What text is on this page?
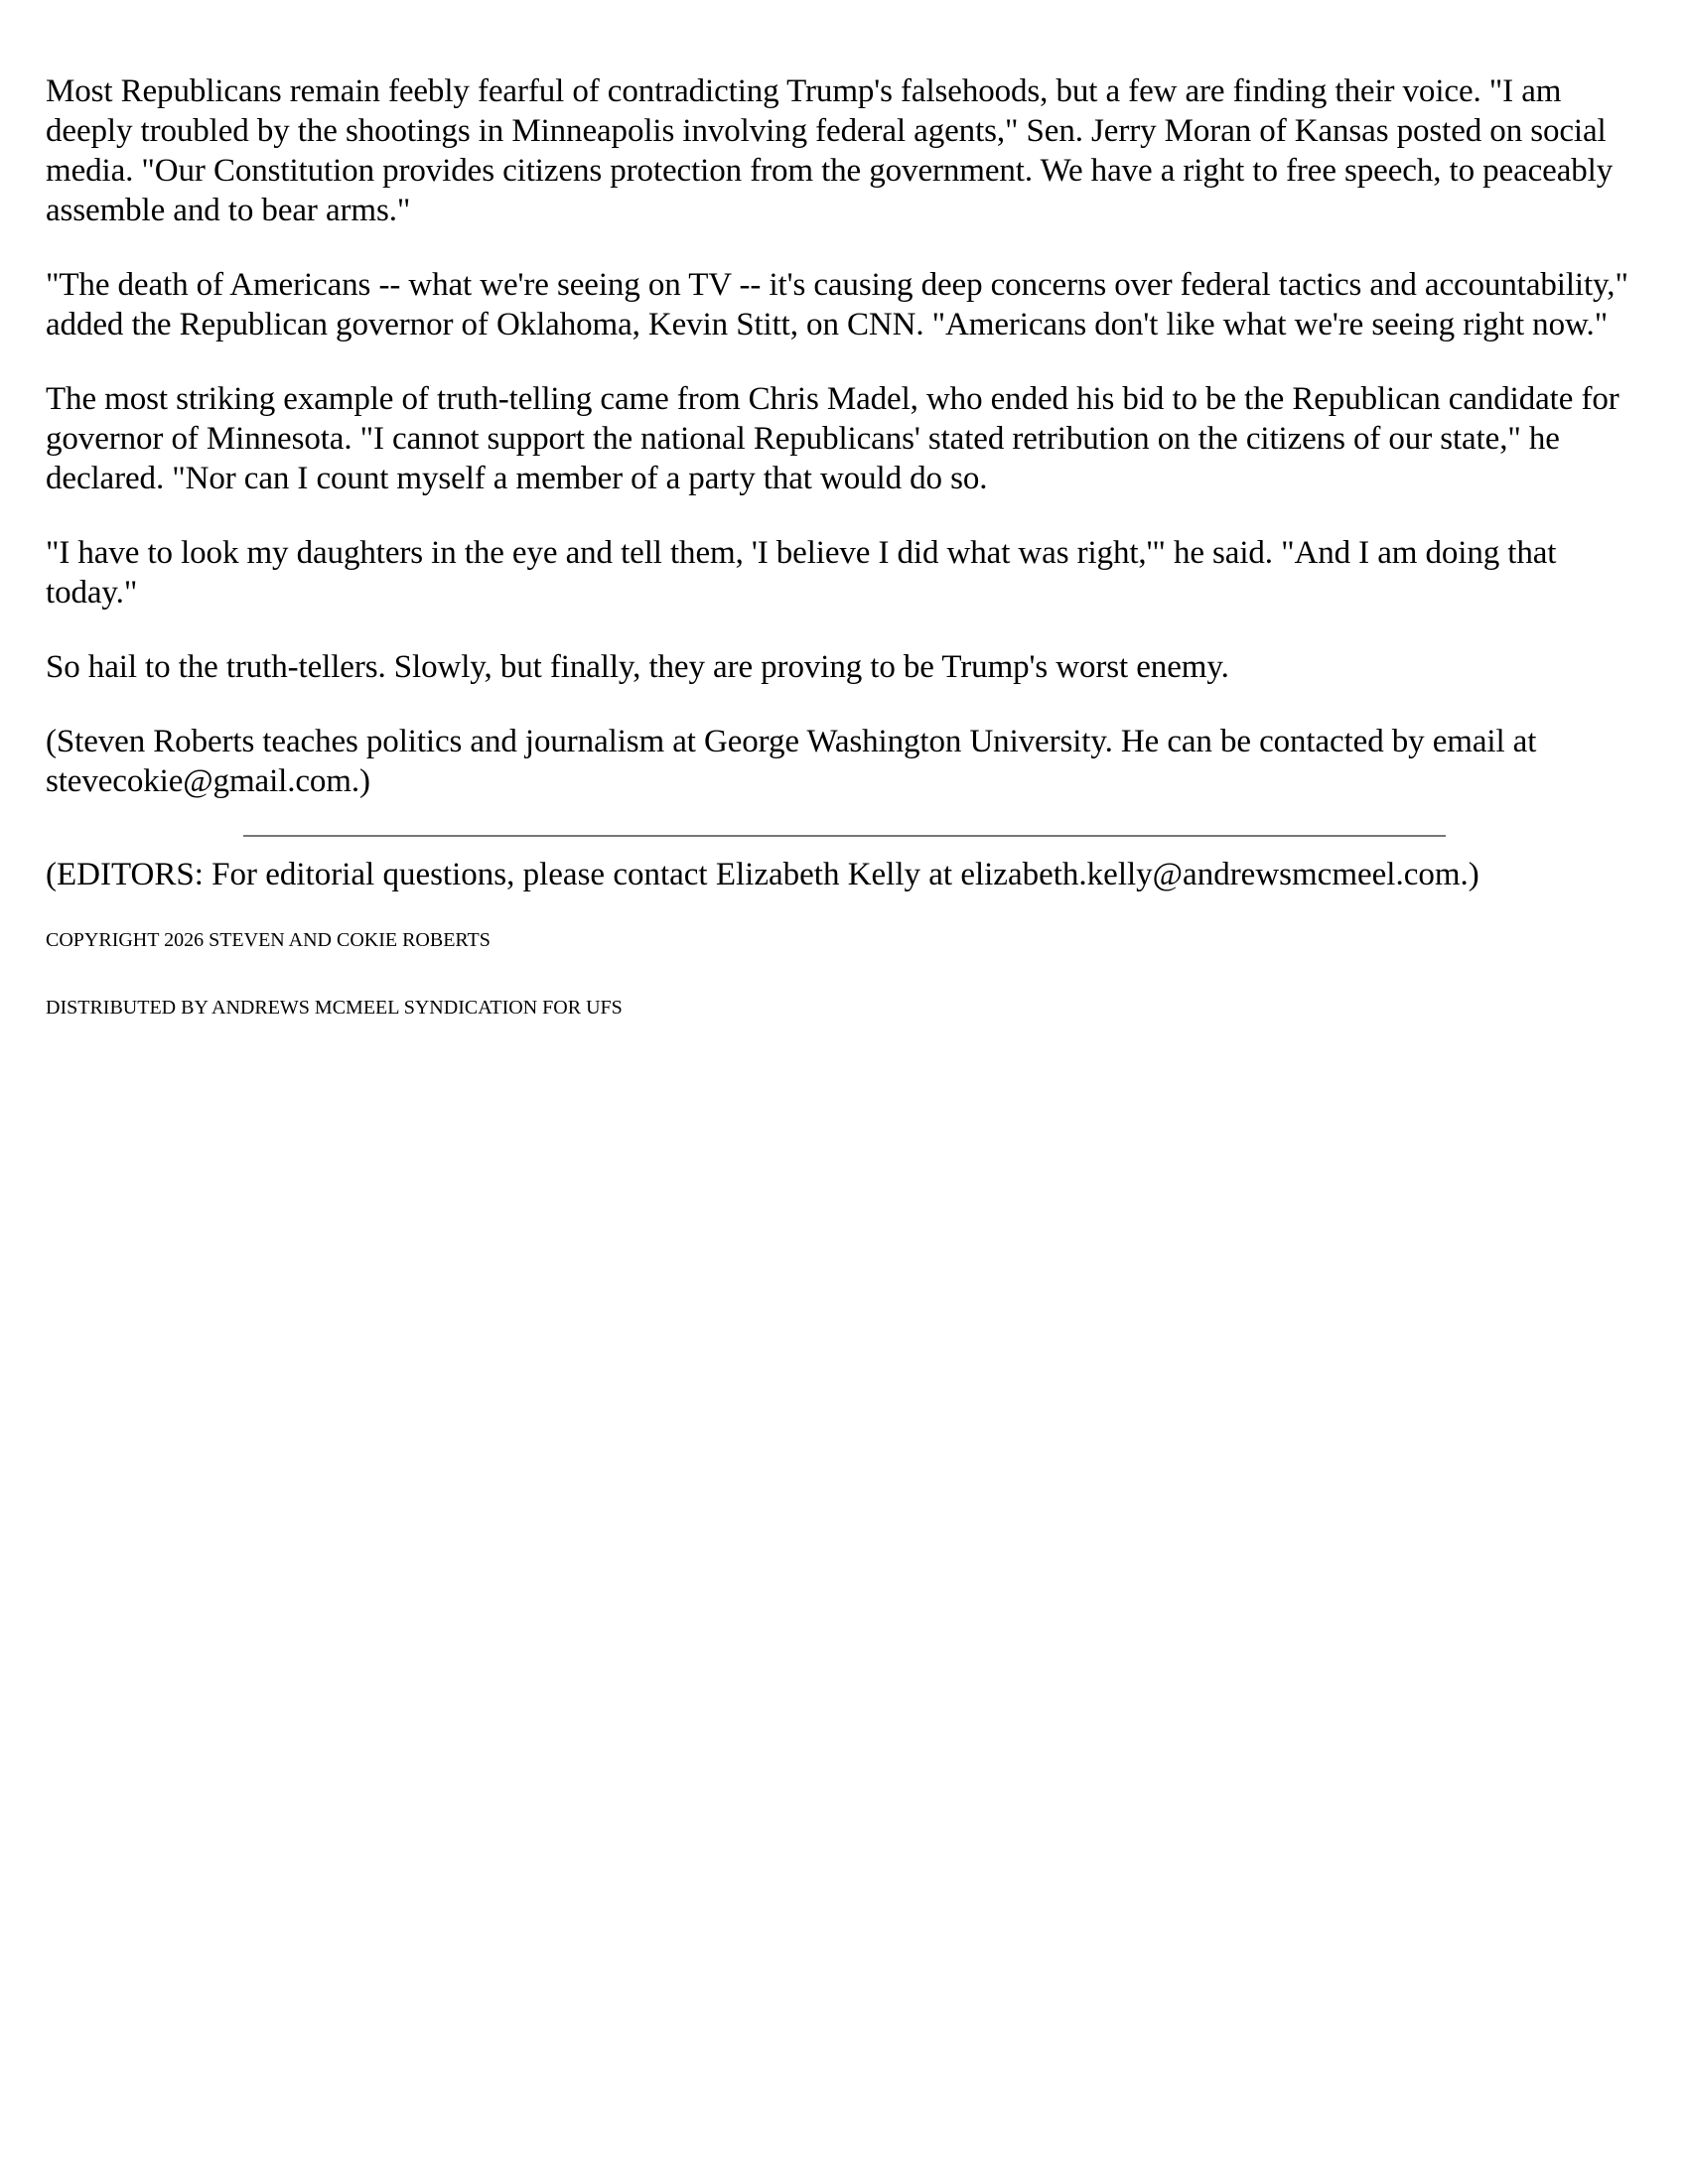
Most Republicans remain feebly fearful of contradicting Trump's falsehoods, but a few are finding their voice. "I am deeply troubled by the shootings in Minneapolis involving federal agents," Sen. Jerry Moran of Kansas posted on social media. "Our Constitution provides citizens protection from the government. We have a right to free speech, to peaceably assemble and to bear arms."

"The death of Americans -- what we're seeing on TV -- it's causing deep concerns over federal tactics and accountability," added the Republican governor of Oklahoma, Kevin Stitt, on CNN. "Americans don't like what we're seeing right now."

The most striking example of truth-telling came from Chris Madel, who ended his bid to be the Republican candidate for governor of Minnesota. "I cannot support the national Republicans' stated retribution on the citizens of our state," he declared. "Nor can I count myself a member of a party that would do so.

"I have to look my daughters in the eye and tell them, 'I believe I did what was right,'" he said. "And I am doing that today."

So hail to the truth-tellers. Slowly, but finally, they are proving to be Trump's worst enemy.

(Steven Roberts teaches politics and journalism at George Washington University. He can be contacted by email at stevecokie@gmail.com.)

(EDITORS: For editorial questions, please contact Elizabeth Kelly at elizabeth.kelly@andrewsmcmeel.com.)

COPYRIGHT 2026 STEVEN AND COKIE ROBERTS

DISTRIBUTED BY ANDREWS MCMEEL SYNDICATION FOR UFS
